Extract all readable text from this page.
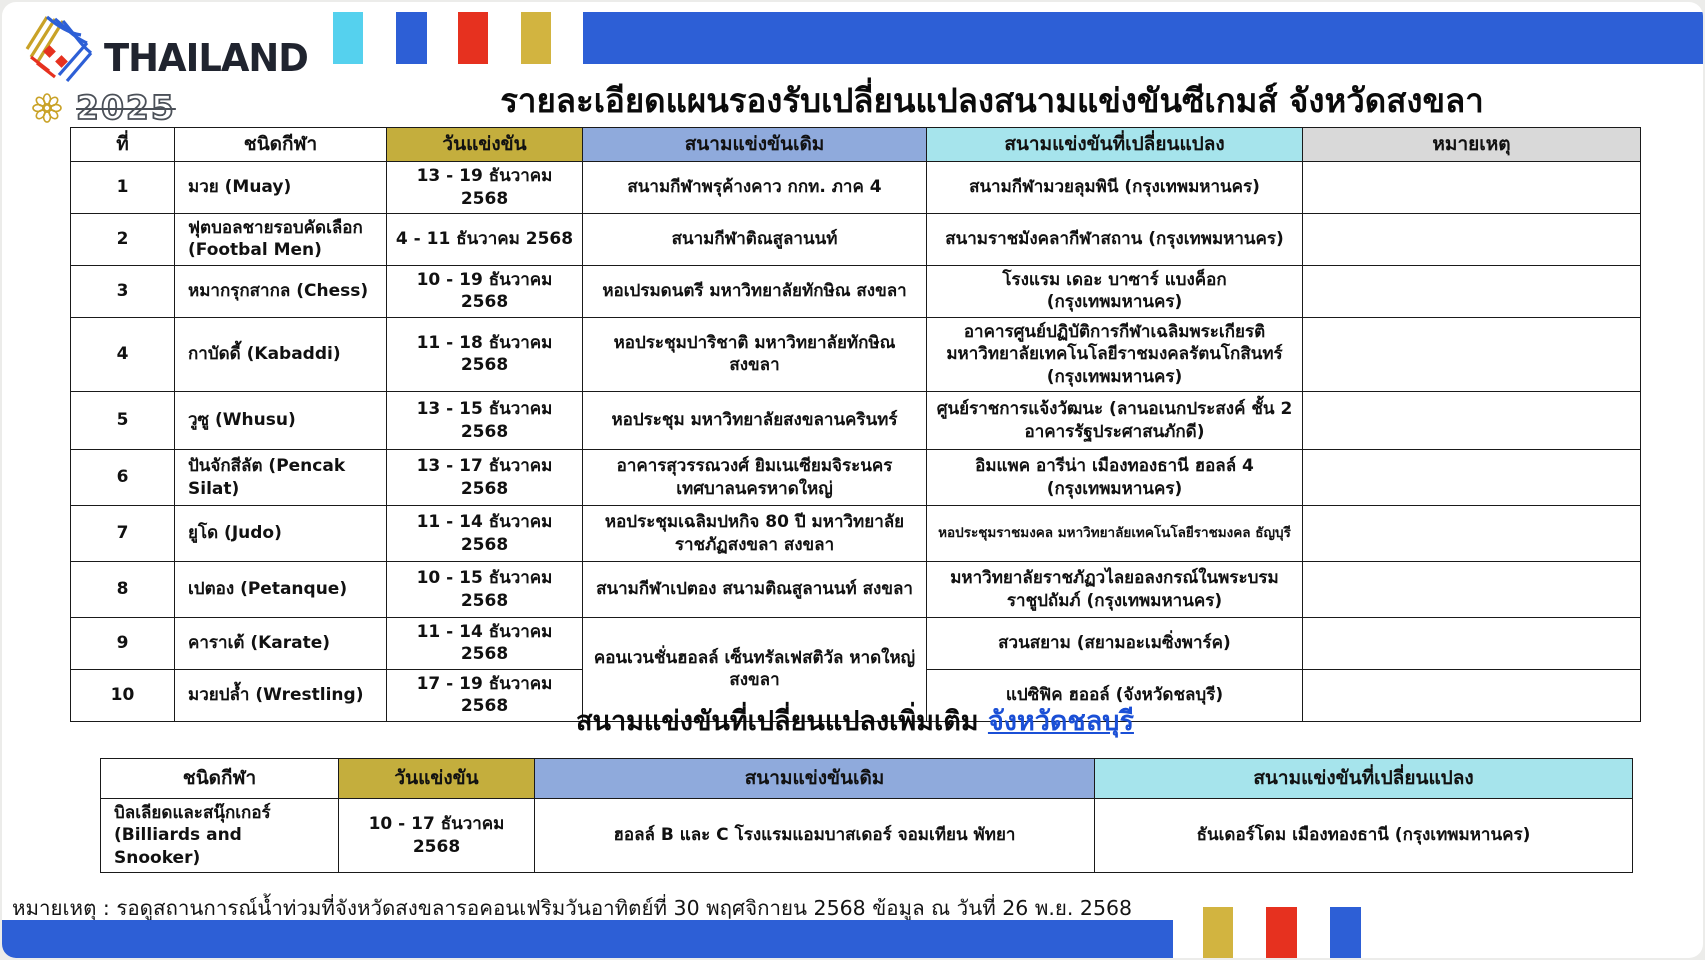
THAILAND
2025	รายละเอียดแผนรองรับเปลี่ยนแปลงสนามแข่งขันซีเกมส์ จังหวัดสงขลา
ที่	ชนิดกีฬา	วันแข่งขัน	สนามแข่งขันเดิม	สนามแข่งขันที่เปลี่ยนแปลง	หมายเหตุ
1	มวย (Muay)	13 - 19 ธันวาคม 2568	สนามกีฬาพรุค้างคาว กกท. ภาค 4	สนามกีฬามวยลุมพินี (กรุงเทพมหานคร)	
2	ฟุตบอลชายรอบคัดเลือก (Footbal Men)	4 - 11 ธันวาคม 2568	สนามกีฬาติณสูลานนท์	สนามราชมังคลากีฬาสถาน (กรุงเทพมหานคร)	
3	หมากรุกสากล (Chess)	10 - 19 ธันวาคม 2568	หอเปรมดนตรี มหาวิทยาลัยทักษิณ สงขลา	โรงแรม เดอะ บาซาร์ แบงค็อก (กรุงเทพมหานคร)	
4	กาบัดดี้ (Kabaddi)	11 - 18 ธันวาคม 2568	หอประชุมปาริชาติ มหาวิทยาลัยทักษิณ สงขลา	อาคารศูนย์ปฏิบัติการกีฬาเฉลิมพระเกียรติ มหาวิทยาลัยเทคโนโลยีราชมงคลรัตนโกสินทร์ (กรุงเทพมหานคร)	
5	วูซู (Whusu)	13 - 15 ธันวาคม 2568	หอประชุม มหาวิทยาลัยสงขลานครินทร์	ศูนย์ราชการแจ้งวัฒนะ (ลานอเนกประสงค์ ชั้น 2 อาคารรัฐประศาสนภักดี)	
6	ปันจักสีลัต (Pencak Silat)	13 - 17 ธันวาคม 2568	อาคารสุวรรณวงศ์ ยิมเนเซียมจิระนคร เทศบาลนครหาดใหญ่	อิมแพค อารีน่า เมืองทองธานี ฮอลล์ 4 (กรุงเทพมหานคร)	
7	ยูโด (Judo)	11 - 14 ธันวาคม 2568	หอประชุมเฉลิมปหกิจ 80 ปี มหาวิทยาลัยราชภัฏสงขลา สงขลา	หอประชุมราชมงคล มหาวิทยาลัยเทคโนโลยีราชมงคล ธัญบุรี	
8	เปตอง (Petanque)	10 - 15 ธันวาคม 2568	สนามกีฬาเปตอง สนามติณสูลานนท์ สงขลา	มหาวิทยาลัยราชภัฏวไลยอลงกรณ์ในพระบรมราชูปถัมภ์ (กรุงเทพมหานคร)	
9	คาราเต้ (Karate)	11 - 14 ธันวาคม 2568	คอนเวนชั่นฮอลล์ เซ็นทรัลเฟสติวัล หาดใหญ่ สงขลา	สวนสยาม (สยามอะเมซิ่งพาร์ค)	
10	มวยปล้ำ (Wrestling)	17 - 19 ธันวาคม 2568		แปซิฟิค ฮออล์ (จังหวัดชลบุรี)	
สนามแข่งขันที่เปลี่ยนแปลงเพิ่มเติม จังหวัดชลบุรี
ชนิดกีฬา	วันแข่งขัน	สนามแข่งขันเดิม	สนามแข่งขันที่เปลี่ยนแปลง
บิลเลียดและสนุ๊กเกอร์ (Billiards and Snooker)	10 - 17 ธันวาคม 2568	ฮอลล์ B และ C โรงแรมแอมบาสเดอร์ จอมเทียน พัทยา	ธันเดอร์โดม เมืองทองธานี (กรุงเทพมหานคร)
หมายเหตุ : รอดูสถานการณ์น้ำท่วมที่จังหวัดสงขลารอคอนเฟริมวันอาทิตย์ที่ 30 พฤศจิกายน 2568 ข้อมูล ณ วันที่ 26 พ.ย. 2568
